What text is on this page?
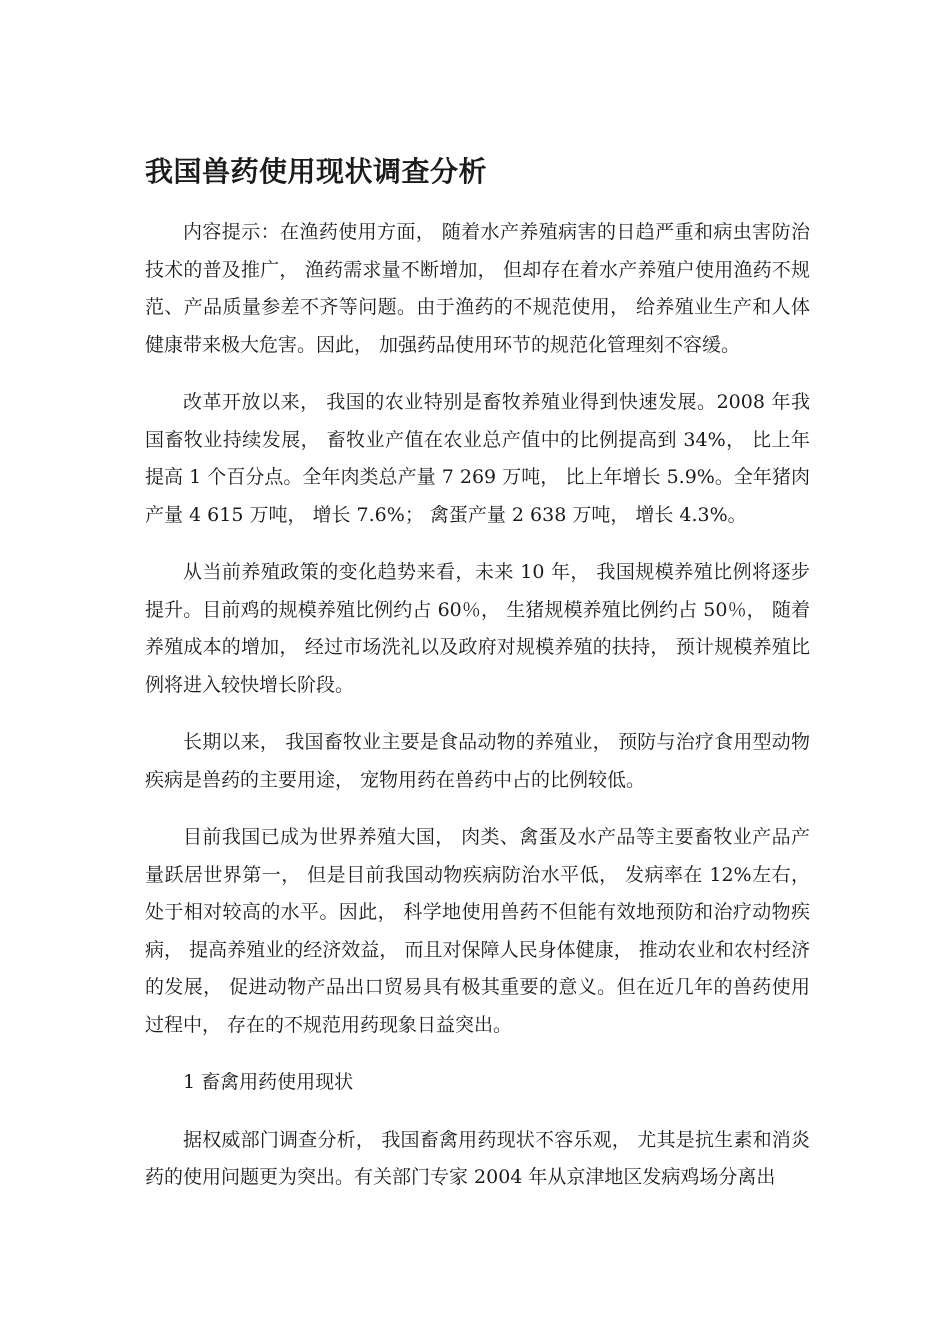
我国兽药使用现状调查分析

内容提示：在渔药使用方面， 随着水产养殖病害的日趋严重和病虫害防治技术的普及推广， 渔药需求量不断增加， 但却存在着水产养殖户使用渔药不规范、产品质量参差不齐等问题。由于渔药的不规范使用， 给养殖业生产和人体健康带来极大危害。因此， 加强药品使用环节的规范化管理刻不容缓。

改革开放以来， 我国的农业特别是畜牧养殖业得到快速发展。2008 年我国畜牧业持续发展， 畜牧业产值在农业总产值中的比例提高到 34%， 比上年提高 1 个百分点。全年肉类总产量 7 269 万吨， 比上年增长 5.9%。全年猪肉产量 4 615 万吨， 增长 7.6%； 禽蛋产量 2 638 万吨， 增长 4.3%。

从当前养殖政策的变化趋势来看，未来 10 年， 我国规模养殖比例将逐步提升。目前鸡的规模养殖比例约占 60％， 生猪规模养殖比例约占 50％， 随着养殖成本的增加， 经过市场洗礼以及政府对规模养殖的扶持， 预计规模养殖比例将进入较快增长阶段。

长期以来， 我国畜牧业主要是食品动物的养殖业， 预防与治疗食用型动物疾病是兽药的主要用途， 宠物用药在兽药中占的比例较低。

目前我国已成为世界养殖大国， 肉类、禽蛋及水产品等主要畜牧业产品产量跃居世界第一， 但是目前我国动物疾病防治水平低， 发病率在 12%左右，处于相对较高的水平。因此， 科学地使用兽药不但能有效地预防和治疗动物疾病， 提高养殖业的经济效益， 而且对保障人民身体健康， 推动农业和农村经济的发展， 促进动物产品出口贸易具有极其重要的意义。但在近几年的兽药使用过程中， 存在的不规范用药现象日益突出。

1 畜禽用药使用现状

据权威部门调查分析， 我国畜禽用药现状不容乐观， 尤其是抗生素和消炎药的使用问题更为突出。有关部门专家 2004 年从京津地区发病鸡场分离出
